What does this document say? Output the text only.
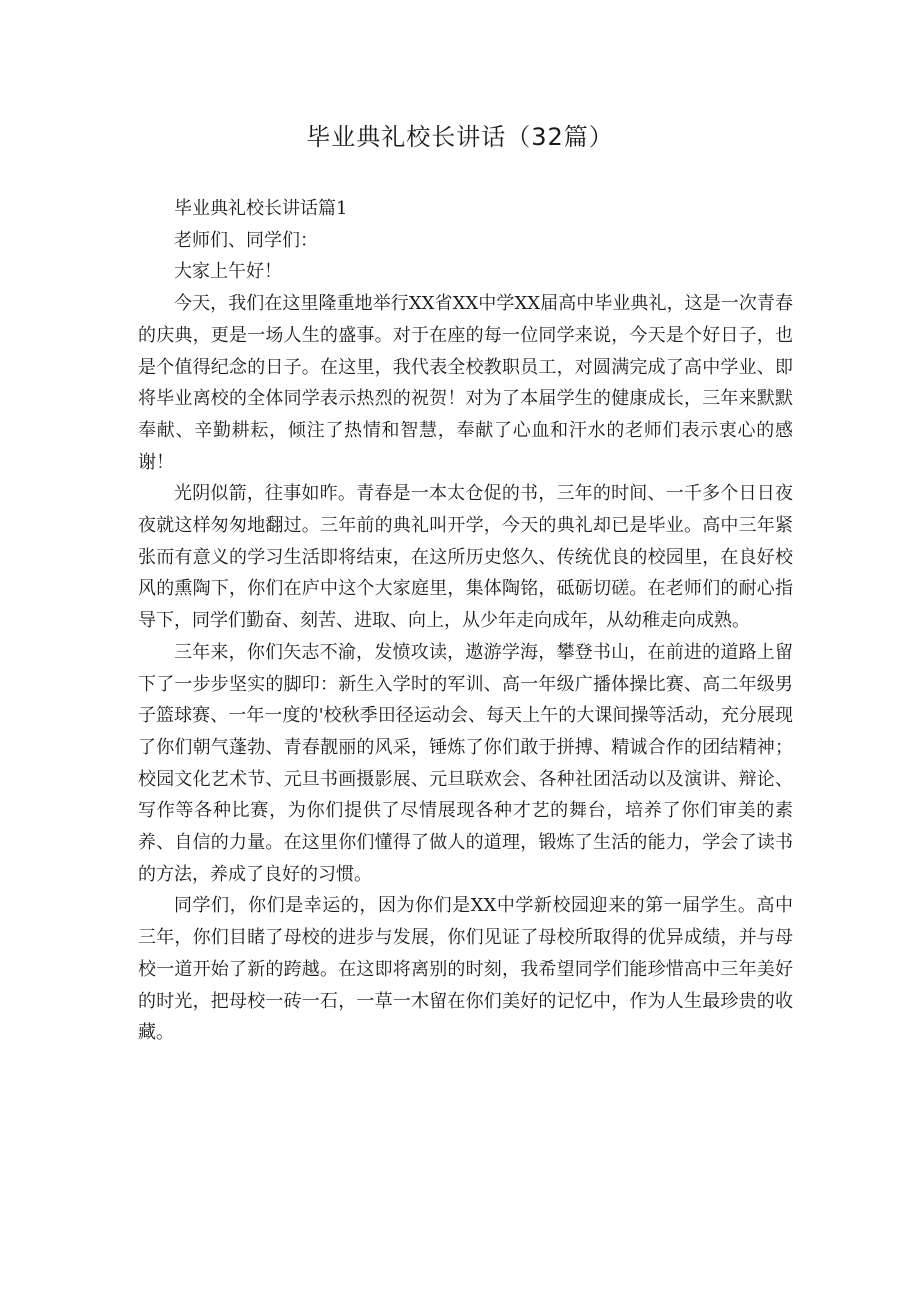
毕业典礼校长讲话（32篇）

毕业典礼校长讲话篇1

老师们、同学们：

大家上午好！

今天，我们在这里隆重地举行XX省XX中学XX届高中毕业典礼，这是一次青春的庆典，更是一场人生的盛事。对于在座的每一位同学来说，今天是个好日子，也是个值得纪念的日子。在这里，我代表全校教职员工，对圆满完成了高中学业、即将毕业离校的全体同学表示热烈的祝贺！对为了本届学生的健康成长，三年来默默奉献、辛勤耕耘，倾注了热情和智慧，奉献了心血和汗水的老师们表示衷心的感谢！

光阴似箭，往事如昨。青春是一本太仓促的书，三年的时间、一千多个日日夜夜就这样匆匆地翻过。三年前的典礼叫开学，今天的典礼却已是毕业。高中三年紧张而有意义的学习生活即将结束，在这所历史悠久、传统优良的校园里，在良好校风的熏陶下，你们在庐中这个大家庭里，集体陶铭，砥砺切磋。在老师们的耐心指导下，同学们勤奋、刻苦、进取、向上，从少年走向成年，从幼稚走向成熟。

三年来，你们矢志不渝，发愤攻读，遨游学海，攀登书山，在前进的道路上留下了一步步坚实的脚印：新生入学时的军训、高一年级广播体操比赛、高二年级男子篮球赛、一年一度的'校秋季田径运动会、每天上午的大课间操等活动，充分展现了你们朝气蓬勃、青春靓丽的风采，锤炼了你们敢于拼搏、精诚合作的团结精神；校园文化艺术节、元旦书画摄影展、元旦联欢会、各种社团活动以及演讲、辩论、写作等各种比赛，为你们提供了尽情展现各种才艺的舞台，培养了你们审美的素养、自信的力量。在这里你们懂得了做人的道理，锻炼了生活的能力，学会了读书的方法，养成了良好的习惯。

同学们，你们是幸运的，因为你们是XX中学新校园迎来的第一届学生。高中三年，你们目睹了母校的进步与发展，你们见证了母校所取得的优异成绩，并与母校一道开始了新的跨越。在这即将离别的时刻，我希望同学们能珍惜高中三年美好的时光，把母校一砖一石，一草一木留在你们美好的记忆中，作为人生最珍贵的收藏。
